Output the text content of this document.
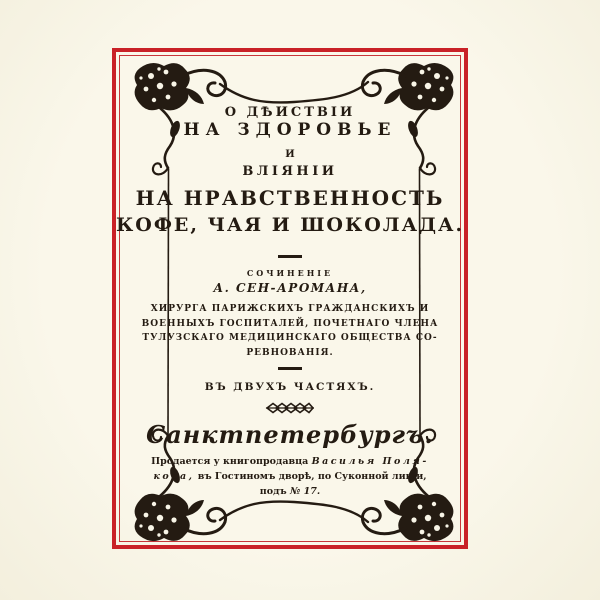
О ДѢИСТВІИ
НА ЗДОРОВЬЕ
И
ВЛІЯНІИ
НА НРАВСТВЕННОСТЬ
КОФЕ, ЧАЯ И ШОКОЛАДА.
СОЧИНЕНІЕ
А. СЕН-АРОМАНА,
ХИРУРГА ПАРИЖСКИХЪ ГРАЖДАНСКИХЪ И
ВОЕННЫХЪ ГОСПИТАЛЕЙ, ПОЧЕТНАГО ЧЛЕНА
ТУЛУЗСКАГО МЕДИЦИНСКАГО ОБЩЕСТВА СО-
РЕВНОВАНІЯ.
ВЪ ДВУХЪ ЧАСТЯХЪ.
Санктпетербургъ.
Продается у книгопродавца Василья Поля-
кова, въ Гостиномъ дворѣ, по Суконной линіи,
подъ № 17.
